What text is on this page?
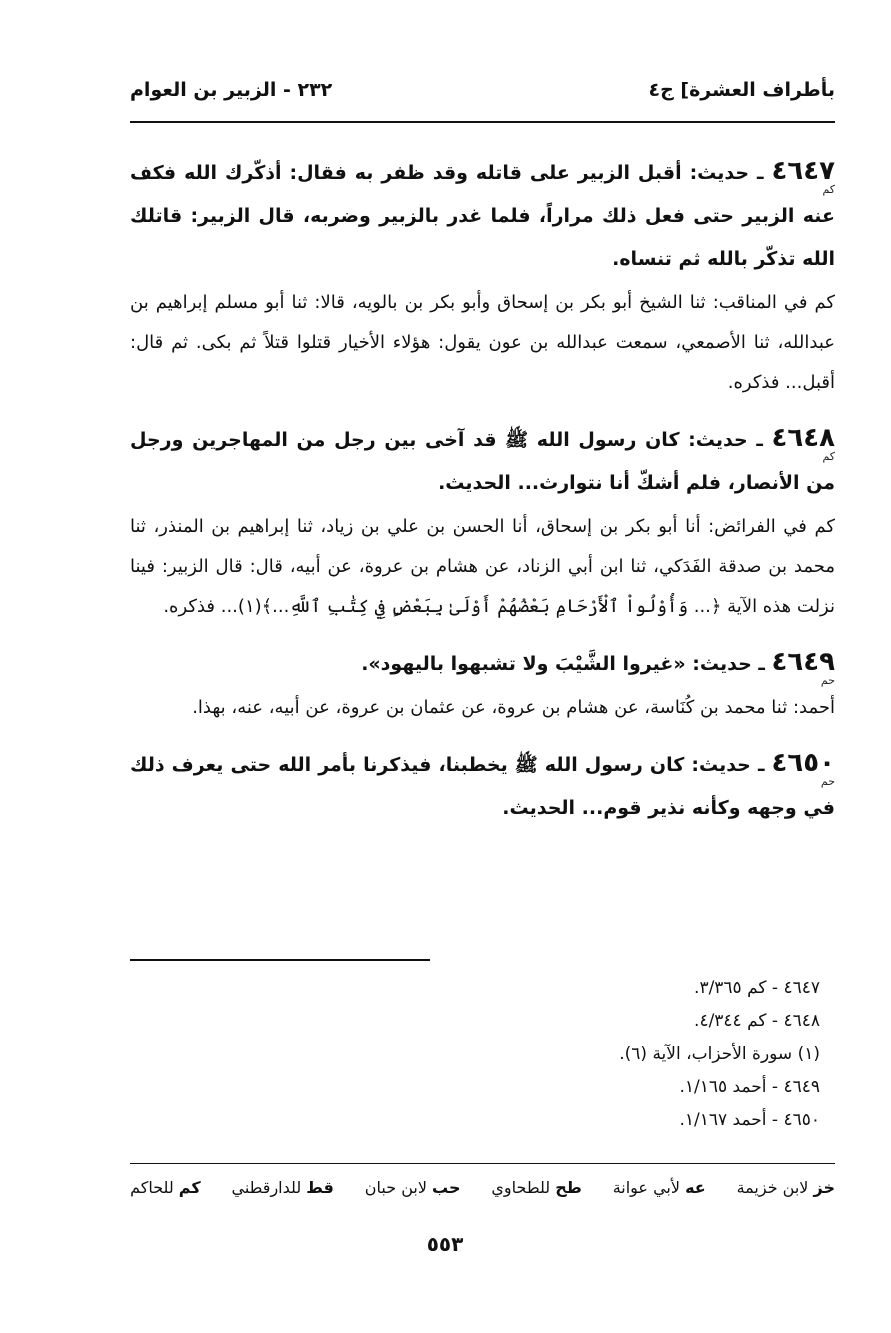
بأطراف العشرة] ج٤
٢٣٢ - الزبير بن العوام
٤٦٤٧ ـ حديث: أقبل الزبير على قاتله وقد ظفر به فقال: أذكّرك الله فكف عنه الزبير حتى فعل ذلك مراراً، فلما غدر بالزبير وضربه، قال الزبير: قاتلك الله تذكّر بالله ثم تنساه.
كم
كم في المناقب: ثنا الشيخ أبو بكر بن إسحاق وأبو بكر بن بالويه، قالا: ثنا أبو مسلم إبراهيم بن عبدالله، ثنا الأصمعي، سمعت عبدالله بن عون يقول: هؤلاء الأخيار قتلوا قتلاً ثم بكى. ثم قال: أقبل... فذكره.
٤٦٤٨ ـ حديث: كان رسول الله ﷺ قد آخى بين رجل من المهاجرين ورجل من الأنصار، فلم أشكّ أنا نتوارث... الحديث.
كم
كم في الفرائض: أنا أبو بكر بن إسحاق، أنا الحسن بن علي بن زياد، ثنا إبراهيم بن المنذر، ثنا محمد بن صدقة الفَدَكي، ثنا ابن أبي الزناد، عن هشام بن عروة، عن أبيه، قال: قال الزبير: فينا نزلت هذه الآية ﴿... وَأُوْلُواْ ٱلْأَرْحَامِ بَعْضُهُمْ أَوْلَىٰ بِبَعْضٍ فِي كِتَٰبِ ٱللَّهِ...﴾(١)... فذكره.
٤٦٤٩ ـ حديث: «غيروا الشَّيْبَ ولا تشبهوا باليهود».
حم
أحمد: ثنا محمد بن كُنَاسة، عن هشام بن عروة، عن عثمان بن عروة، عن أبيه، عنه، بهذا.
٤٦٥٠ ـ حديث: كان رسول الله ﷺ يخطبنا، فيذكرنا بأمر الله حتى يعرف ذلك في وجهه وكأنه نذير قوم... الحديث.
حم
٤٦٤٧ - كم ٣/٣٦٥.
٤٦٤٨ - كم ٤/٣٤٤.
(١) سورة الأحزاب، الآية (٦).
٤٦٤٩ - أحمد ١/١٦٥.
٤٦٥٠ - أحمد ١/١٦٧.
خز لابن خزيمة
عه لأبي عوانة
طح للطحاوي
حب لابن حبان
قط للدارقطني
كم للحاكم
٥٥٣
